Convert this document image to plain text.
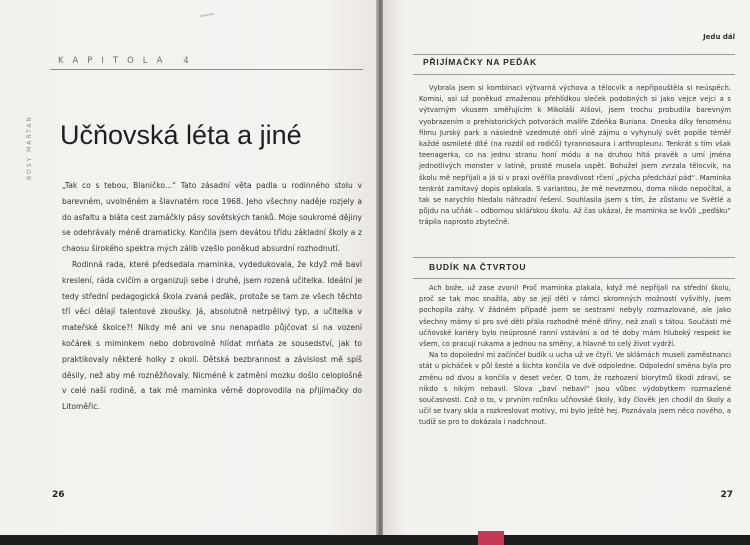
BOSY MARTAN
KAPITOLA 4
Učňovská léta a jiné

„Tak co s tebou, Blaničko...“ Tato zásadní věta padla u rodinného stolu v barevném, uvolněném a šlavnatém roce 1968. Jeho všechny naděje rozjely a do asfaltu a bláta cest zamáčkly pásy sovětských tanků. Moje soukromé dějiny se odehrávaly méně dramaticky. Končila jsem devátou třídu základní školy a z chaosu širokého spektra mých zálib vzešlo poněkud absurdní rozhodnutí.

Rodinná rada, které předsedala maminka, vydedukovala, že když mě baví kreslení, ráda cvičím a organizuji sebe i druhé, jsem rozená učitelka. Ideální je tedy střední pedagogická škola zvaná peďák, protože se tam ze všech těchto tří věcí dělají talentové zkoušky. Já, absolutně netrpělivý typ, a učitelka v mateřské školce?! Nikdy mě ani ve snu nenapadlo půjčovat si na vození kočárek s miminkem nebo dobrovolně hlídat mrňata ze sousedství, jak to praktikovaly některé holky z okolí. Dětská bezbrannost a závislost mě spíš děsily, než aby mě rozněžňovaly. Nicméně k zatmění mozku došlo celoplošně v celé naší rodině, a tak mě maminka věrně doprovodila na přijímačky do Litoměřic.

26
Jedu dál
PŘIJÍMAČKY NA PEĎÁK

Vybrala jsem si kombinaci výtvarná výchova a tělocvik a nepřipouštěla si neúspěch. Komisi, asi už poněkud zmaženou přehlídkou sleček podobných si jako vejce vejci a s výtvarným vkusem směřujícím k Mikoláši Alšovi, jsem trochu probudila barevným vyobrazením o prehistorických potvorách malíře Zdeňka Buriana. Dneska díky fenoménu filmu Jurský park a následně vzedmuté obří vlně zájmu o vyhynulý svět popíše téměř každé osmileté dítě (na rozdíl od rodičů) tyrannosaura i arthropleuru. Tenkrát s tím však teenagerka, co na jednu stranu honí módu a na druhou hltá pravěk a umí jména jednotlivých monster v latině, prostě musela uspět. Bohužel jsem zvrzala tělocvik, na školu mě nepřijali a já si v praxi ověřila pravdivost rčení „pýcha předchází pád“. Maminka tenkrát zamítavý dopis oplakala. S variantou, že mě nevezmou, doma nikdo nepočítal, a tak se narychlo hledalo náhradní řešení. Souhlasila jsem s tím, že zůstanu ve Světlé a půjdu na učňák – odbornou sklářskou školu. Až čas ukázal, že maminka se kvůli „peďáku“ trápila naprosto zbytečně.

BUDÍK NA ČTVRTOU

Ach bože, už zase zvoní! Proč maminka plakala, když mě nepřijali na střední školu, proč se tak moc snažila, aby se její děti v rámci skromných možností vyšvihly, jsem pochopila záhy. V žádném případě jsem se sestrami nebyly rozmazlované, ale jako všechny mámy si pro své děti přála rozhodně méně dřiny, než znali s tátou. Součástí mé učňovské kariéry bylo neúprosné ranní vstávání a od té doby mám hluboký respekt ke všem, co pracují rukama a jednou na směny, a hlavně to celý život vydrží.

Na to dopolední mi začínčel budík u ucha už ve čtyři. Ve sklárnách museli zaměstnanci stát u pícháček v půl šesté a šichta končila ve dvě odpoledne. Odpolední směna byla pro změnu od dvou a končila v deset večer. O tom, že rozhození biorytmů škodí zdraví, se nikdo s nikým nebavil. Slova „baví nebaví“ jsou vůbec výdobytkem rozmazlené současnosti. Což o to, v prvním ročníku učňovské školy, kdy člověk jen chodil do školy a učil se tvary skla a rozkreslovat motivy, mi bylo ještě hej. Poznávala jsem něco nového, a tudíž se pro to dokázala i nadchnout.

27
